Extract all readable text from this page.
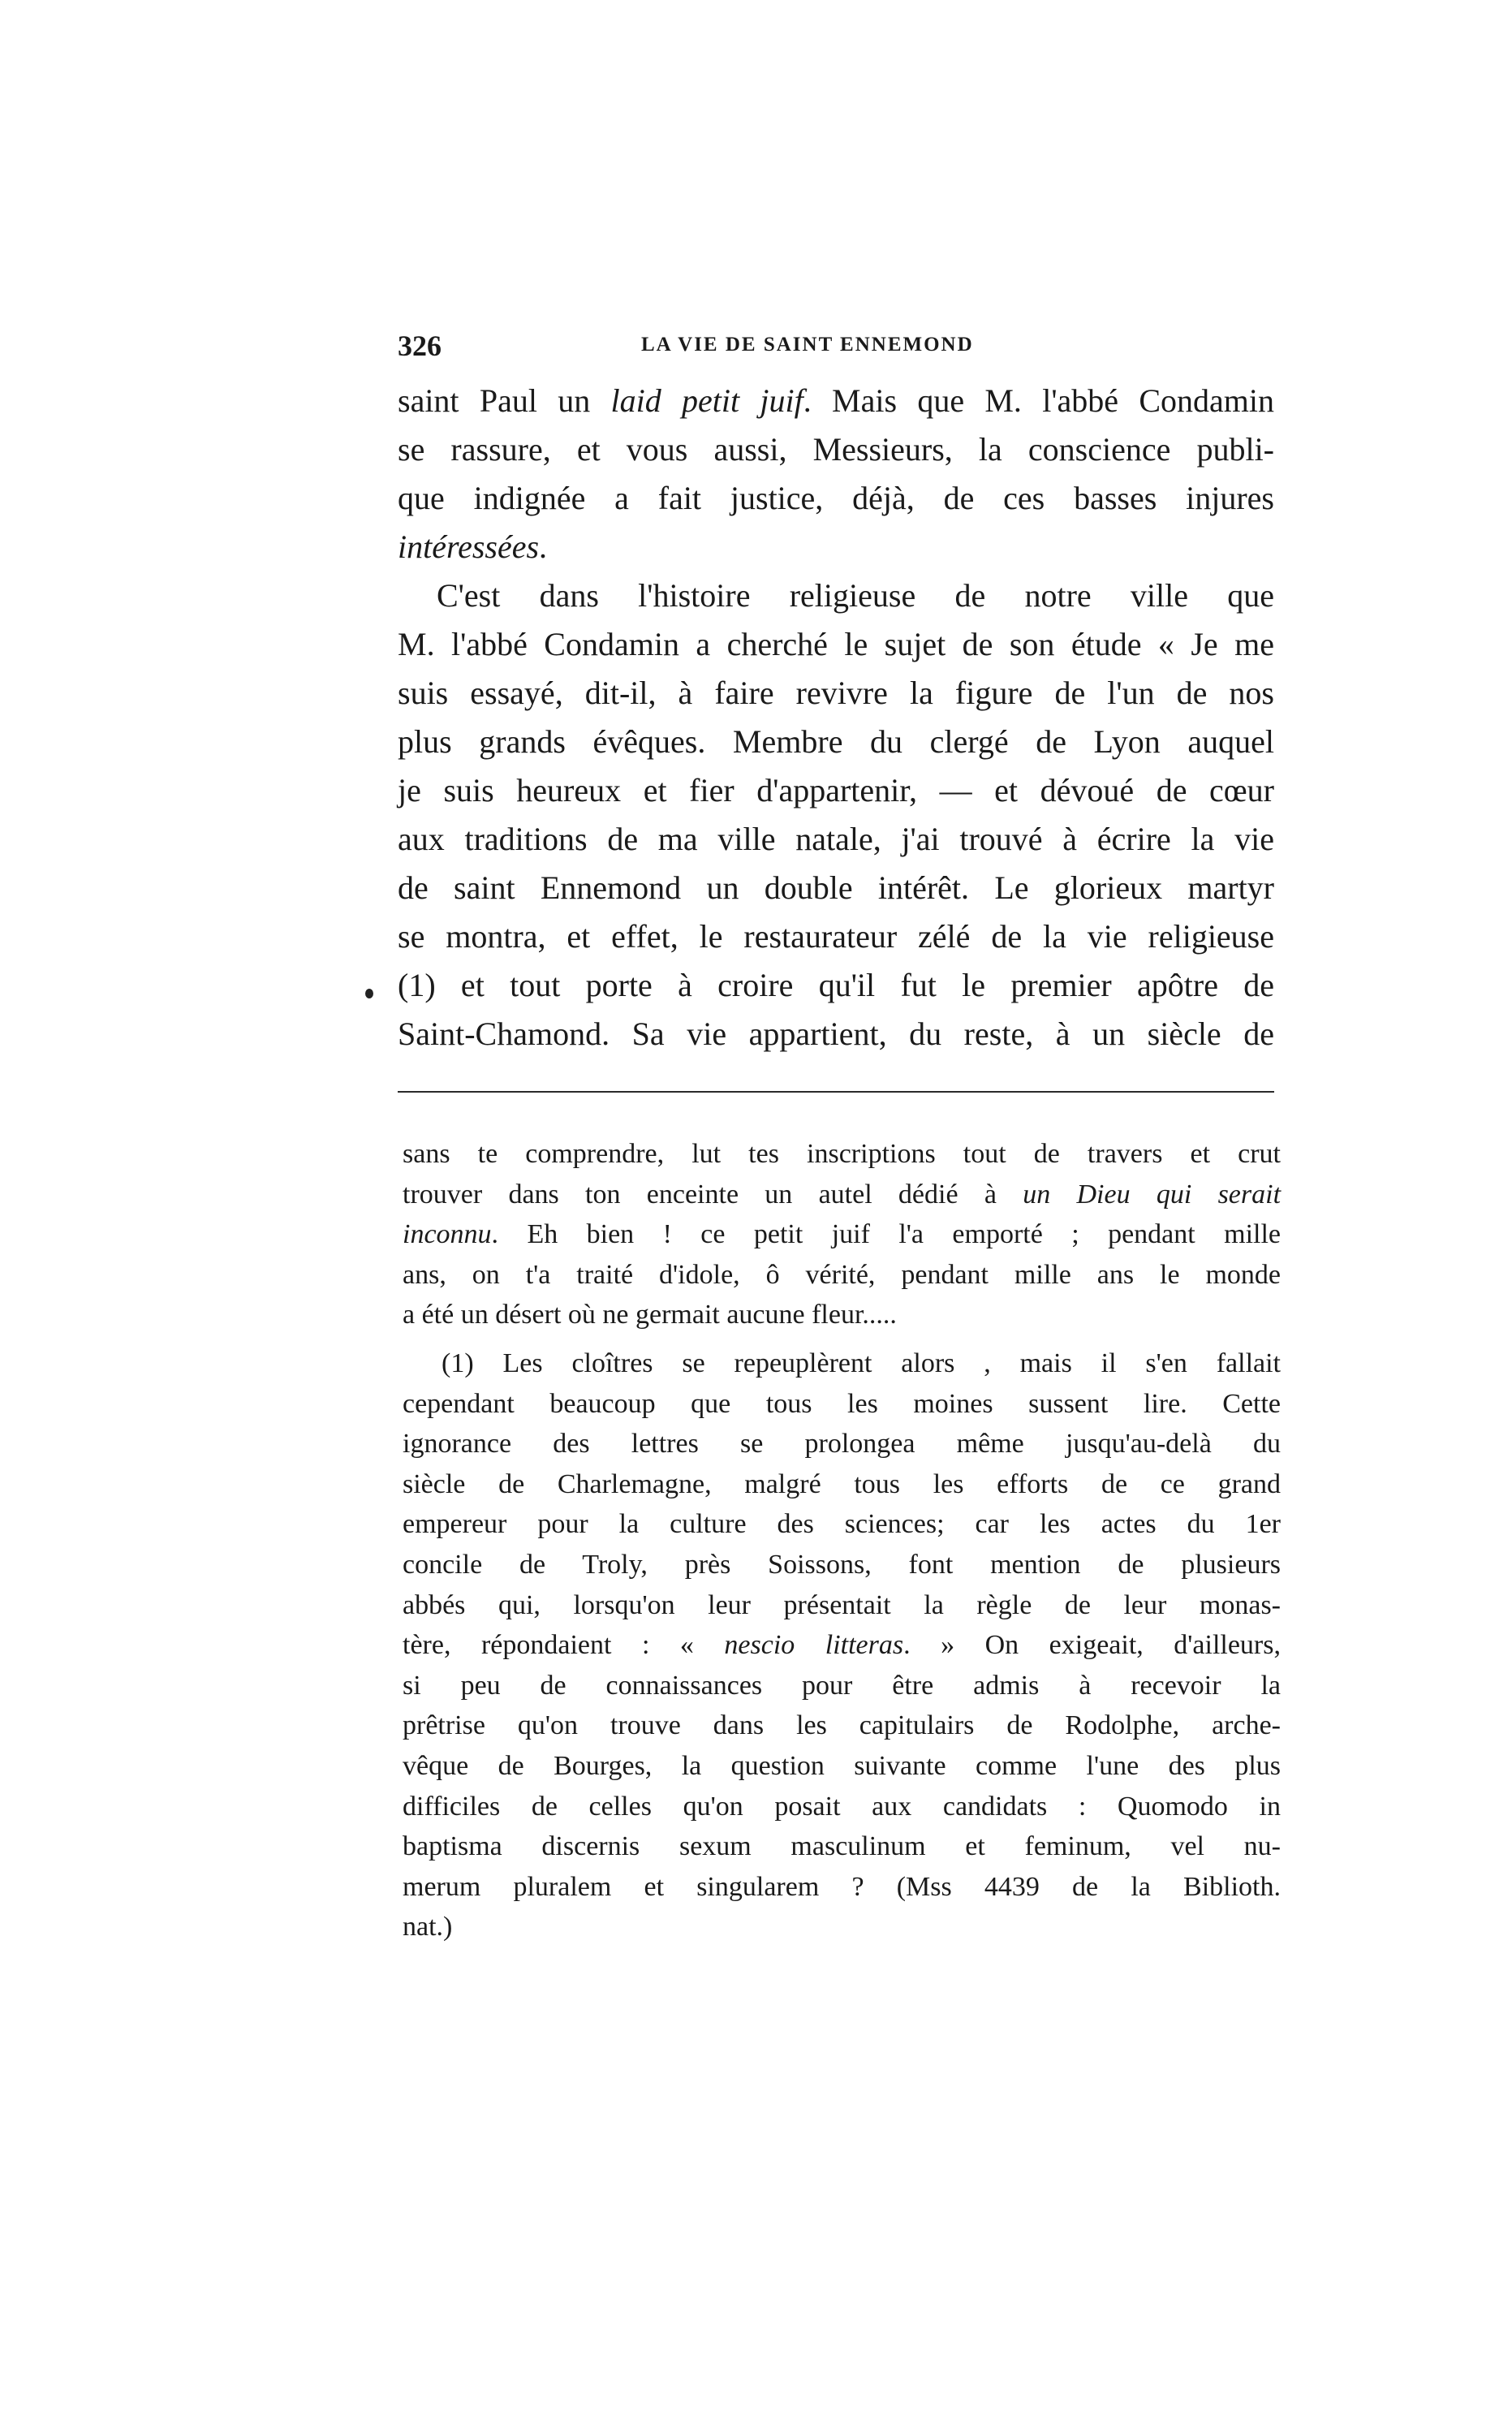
326	LA VIE DE SAINT ENNEMOND
saint Paul un laid petit juif. Mais que M. l'abbé Condamin
se rassure, et vous aussi, Messieurs, la conscience publi-
que indignée a fait justice, déjà, de ces basses injures
intéressées.
C'est dans l'histoire religieuse de notre ville que
M. l'abbé Condamin a cherché le sujet de son étude « Je me
suis essayé, dit-il, à faire revivre la figure de l'un de nos
plus grands évêques. Membre du clergé de Lyon auquel
je suis heureux et fier d'appartenir, — et dévoué de cœur
aux traditions de ma ville natale, j'ai trouvé à écrire la vie
de saint Ennemond un double intérêt. Le glorieux martyr
se montra, et effet, le restaurateur zélé de la vie religieuse
(1) et tout porte à croire qu'il fut le premier apôtre de
Saint-Chamond. Sa vie appartient, du reste, à un siècle de
sans te comprendre, lut tes inscriptions tout de travers et crut
trouver dans ton enceinte un autel dédié à un Dieu qui serait
inconnu. Eh bien ! ce petit juif l'a emporté ; pendant mille
ans, on t'a traité d'idole, ô vérité, pendant mille ans le monde
a été un désert où ne germait aucune fleur.....
(1) Les cloîtres se repeuplèrent alors , mais il s'en fallait
cependant beaucoup que tous les moines sussent lire. Cette
ignorance des lettres se prolongea même jusqu'au-delà du
siècle de Charlemagne, malgré tous les efforts de ce grand
empereur pour la culture des sciences; car les actes du 1er
concile de Troly, près Soissons, font mention de plusieurs
abbés qui, lorsqu'on leur présentait la règle de leur monas-
tère, répondaient : « nescio litteras. » On exigeait, d'ailleurs,
si peu de connaissances pour être admis à recevoir la
prêtrise qu'on trouve dans les capitulairs de Rodolphe, arche-
vêque de Bourges, la question suivante comme l'une des plus
difficiles de celles qu'on posait aux candidats : Quomodo in
baptisma discernis sexum masculinum et feminum, vel nu-
merum pluralem et singularem ? (Mss 4439 de la Biblioth.
nat.)
